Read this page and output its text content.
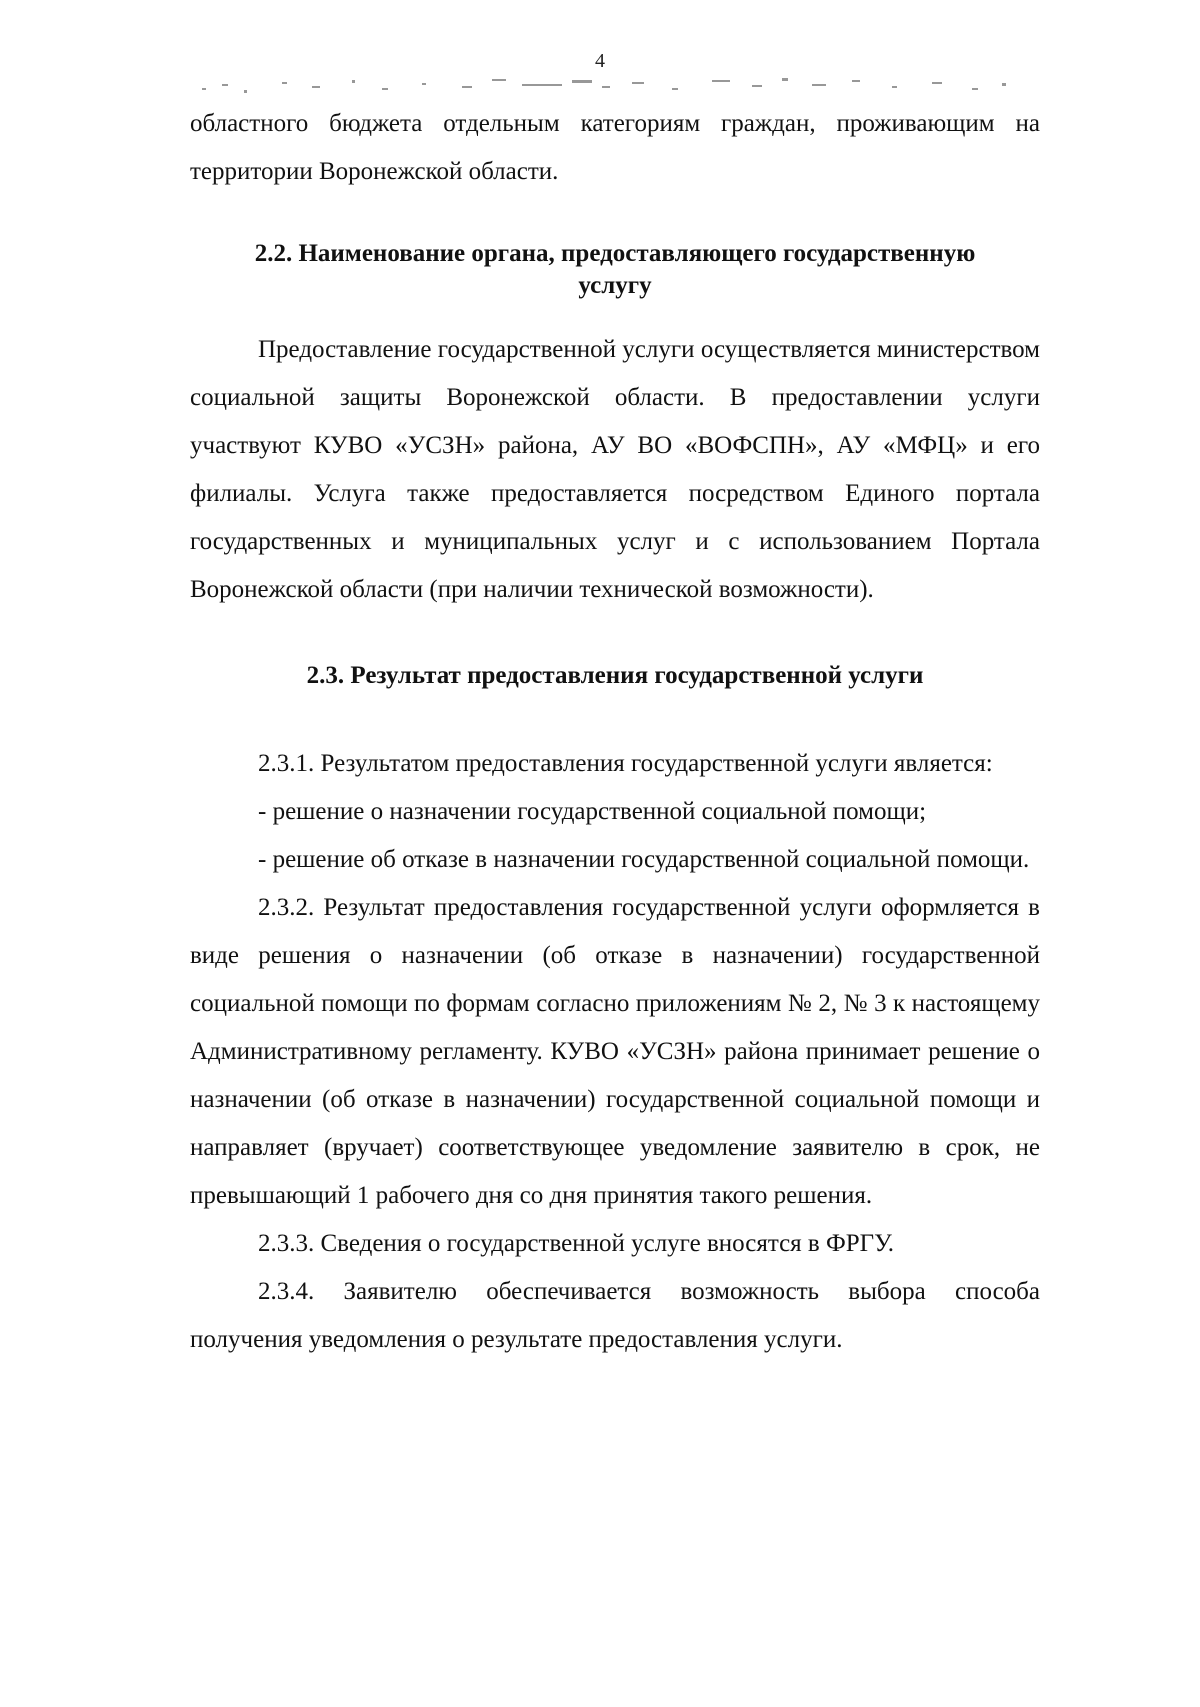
4

областного бюджета отдельным категориям граждан, проживающим на территории Воронежской области.

2.2. Наименование органа, предоставляющего государственную
услугу

Предоставление государственной услуги осуществляется министерством социальной защиты Воронежской области. В предоставлении услуги участвуют КУВО «УСЗН» района, АУ ВО «ВОФСПН», АУ «МФЦ» и его филиалы. Услуга также предоставляется посредством Единого портала государственных и муниципальных услуг и с использованием Портала Воронежской области (при наличии технической возможности).

2.3. Результат предоставления государственной услуги

2.3.1. Результатом предоставления государственной услуги является:

- решение о назначении государственной социальной помощи;

- решение об отказе в назначении государственной социальной помощи.

2.3.2. Результат предоставления государственной услуги оформляется в виде решения о назначении (об отказе в назначении) государственной социальной помощи по формам согласно приложениям № 2, № 3 к настоящему Административному регламенту. КУВО «УСЗН» района принимает решение о назначении (об отказе в назначении) государственной социальной помощи и направляет (вручает) соответствующее уведомление заявителю в срок, не превышающий 1 рабочего дня со дня принятия такого решения.

2.3.3. Сведения о государственной услуге вносятся в ФРГУ.

2.3.4. Заявителю обеспечивается возможность выбора способа получения уведомления о результате предоставления услуги.
